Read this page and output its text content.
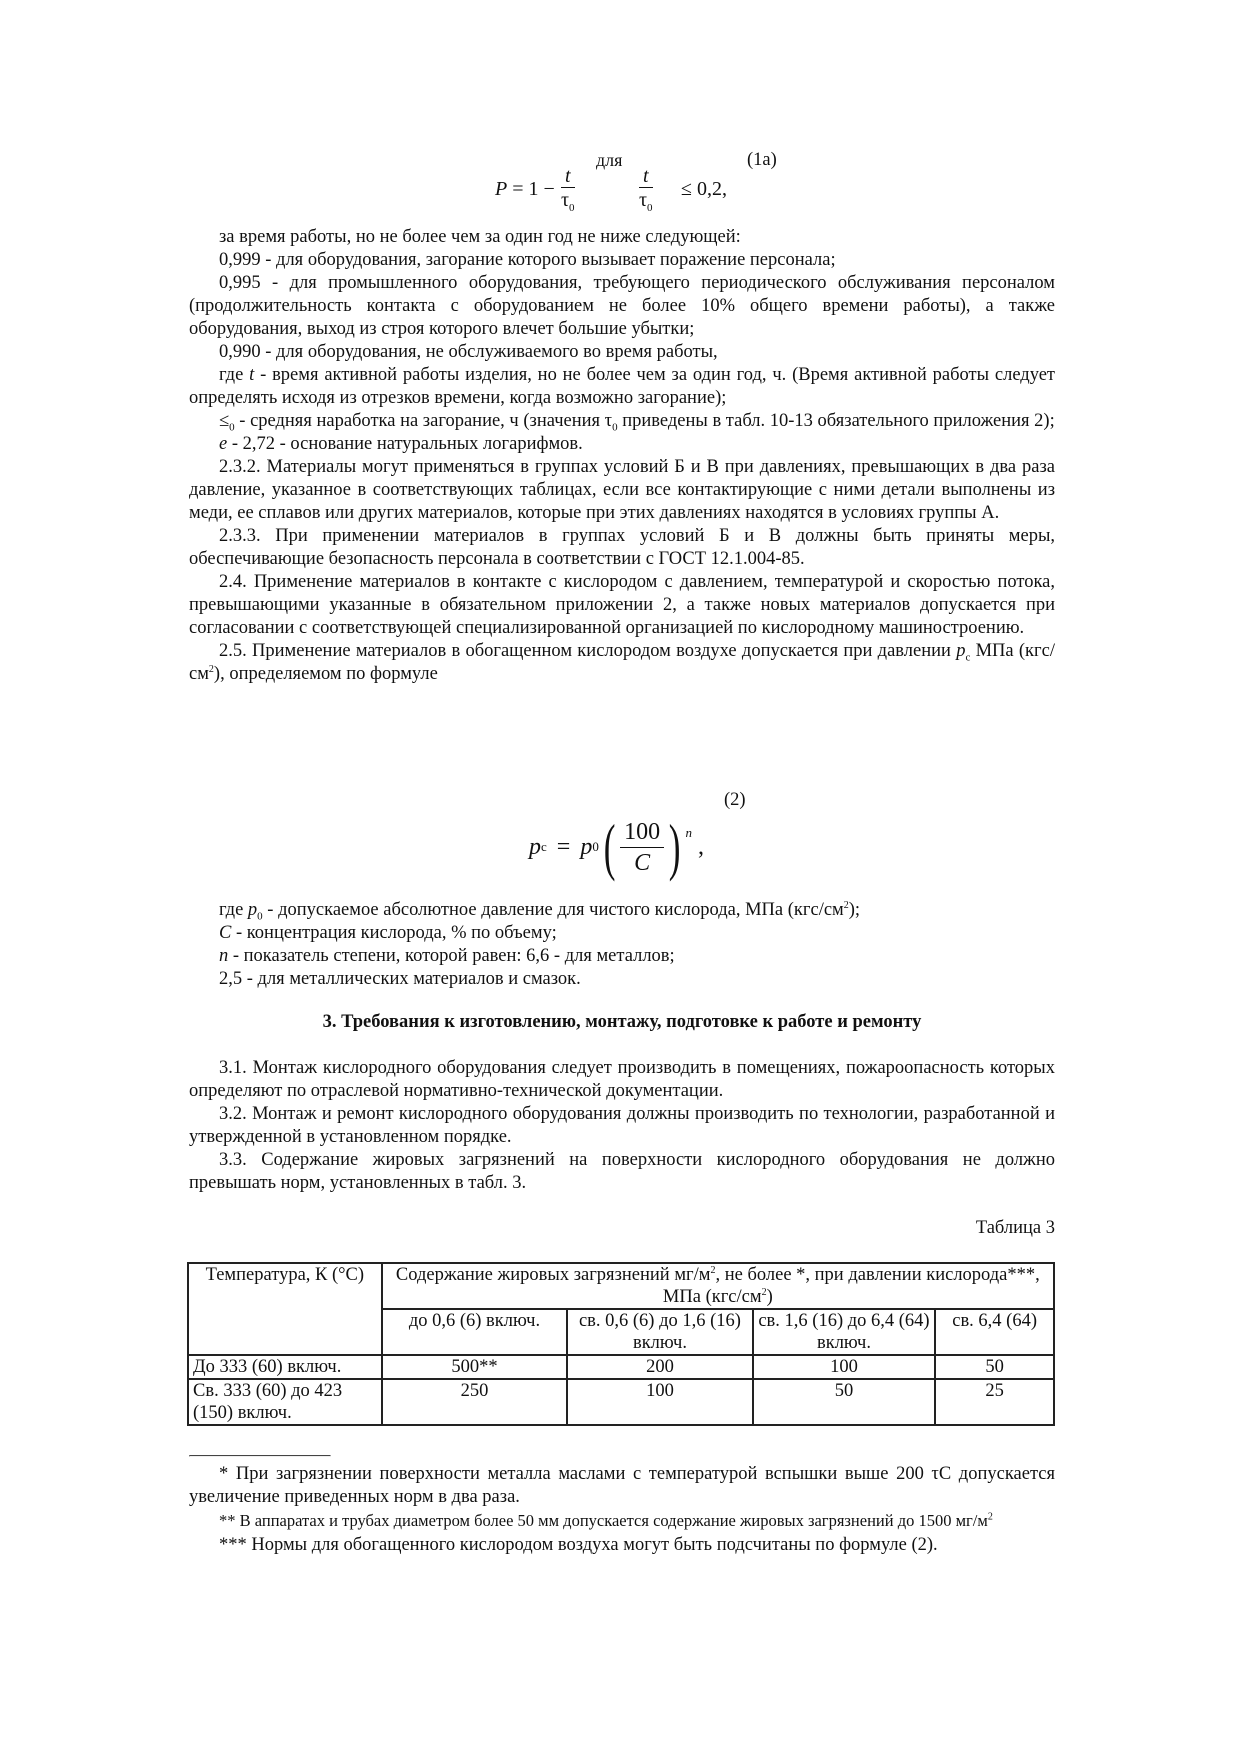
для	(1а)
$P = 1 - \frac{t}{\tau_0}$	$\frac{t}{\tau_0} \le 0,2$,

за время работы, но не более чем за один год не ниже следующей:

0,999 - для оборудования, загорание которого вызывает поражение персонала;

0,995 - для промышленного оборудования, требующего периодического обслуживания персоналом (продолжительность контакта с оборудованием не более 10% общего времени работы), а также оборудования, выход из строя которого влечет большие убытки;

0,990 - для оборудования, не обслуживаемого во время работы,

где t - время активной работы изделия, но не более чем за один год, ч. (Время активной работы следует определять исходя из отрезков времени, когда возможно загорание);

$\le_0$ - средняя наработка на загорание, ч (значения $\tau_0$ приведены в табл. 10-13 обязательного приложения 2);

e - 2,72 - основание натуральных логарифмов.

2.3.2. Материалы могут применяться в группах условий Б и В при давлениях, превышающих в два раза давление, указанное в соответствующих таблицах, если все контактирующие с ними детали выполнены из меди, ее сплавов или других материалов, которые при этих давлениях находятся в условиях группы А.

2.3.3. При применении материалов в группах условий Б и В должны быть приняты меры, обеспечивающие безопасность персонала в соответствии с ГОСТ 12.1.004-85.

2.4. Применение материалов в контакте с кислородом с давлением, температурой и скоростью потока, превышающими указанные в обязательном приложении 2, а также новых материалов допускается при согласовании с соответствующей специализированной организацией по кислородному машиностроению.

2.5. Применение материалов в обогащенном кислородом воздухе допускается при давлении $p_c$ МПа $(кгс/см^2)$, определяемом по формуле

(2)
p c = p 0 ( $\frac{100}{C}$ ) $^n$
,

где $p_0$ - допускаемое абсолютное давление для чистого кислорода, МПа $(кгс/см^2)$;

C - концентрация кислорода, % по объему;

n - показатель степени, которой равен: 6,6 - для металлов;

2,5 - для металлических материалов и смазок.

3. Требования к изготовлению, монтажу, подготовке к работе и ремонту

3.1. Монтаж кислородного оборудования следует производить в помещениях, пожароопасность которых определяют по отраслевой нормативно-технической документации.

3.2. Монтаж и ремонт кислородного оборудования должны производить по технологии, разработанной и утвержденной в установленном порядке.

3.3. Содержание жировых загрязнений на поверхности кислородного оборудования не должно превышать норм, установленных в табл. 3.

Таблица 3

Температура, К (°С)	Содержание жировых загрязнений $мг/м^2$, не более *, при давлении кислорода***, МПа $(кгс/см^2)$			
	до 0,6 (6) включ.	св. 0,6 (6) до 1,6 (16) включ.	св. 1,6 (16) до 6,4 (64) включ.	св. 6,4 (64)
До 333 (60) включ.	500**	200	100	50
Св. 333 (60) до 423 (150) включ.	250	100	50	25

* При загрязнении поверхности металла маслами с температурой вспышки выше 200 τС допускается увеличение приведенных норм в два раза.

** В аппаратах и трубах диаметром более 50 мм допускается содержание жировых загрязнений до 1500 $мг/м^2$

*** Нормы для обогащенного кислородом воздуха могут быть подсчитаны по формуле (2).
